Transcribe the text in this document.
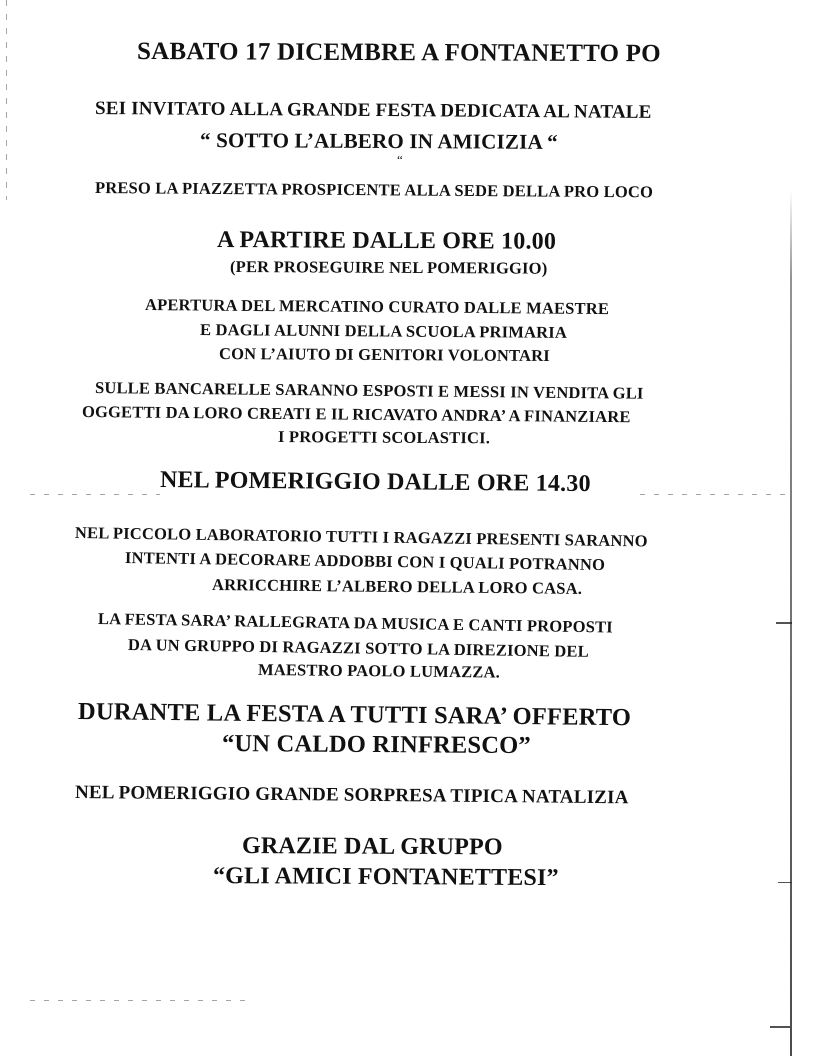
SABATO 17 DICEMBRE A FONTANETTO PO
SEI INVITATO ALLA GRANDE FESTA DEDICATA AL NATALE
“ SOTTO L’ALBERO IN AMICIZIA “
“
PRESO LA PIAZZETTA PROSPICENTE ALLA SEDE DELLA PRO LOCO
A PARTIRE DALLE ORE 10.00
(PER PROSEGUIRE NEL POMERIGGIO)
APERTURA DEL MERCATINO CURATO DALLE MAESTRE
E DAGLI ALUNNI DELLA SCUOLA PRIMARIA
CON L’AIUTO DI GENITORI VOLONTARI
SULLE BANCARELLE SARANNO ESPOSTI E MESSI IN VENDITA GLI
OGGETTI DA LORO CREATI E IL RICAVATO ANDRA’ A FINANZIARE
I PROGETTI SCOLASTICI.
NEL POMERIGGIO DALLE ORE 14.30
NEL PICCOLO LABORATORIO TUTTI I RAGAZZI PRESENTI SARANNO
INTENTI A DECORARE ADDOBBI CON I QUALI POTRANNO
ARRICCHIRE L’ALBERO DELLA LORO CASA.
LA FESTA SARA’ RALLEGRATA DA MUSICA E CANTI PROPOSTI
DA UN GRUPPO DI RAGAZZI SOTTO LA DIREZIONE DEL
MAESTRO PAOLO LUMAZZA.
DURANTE LA FESTA A TUTTI SARA’ OFFERTO
“UN CALDO RINFRESCO”
NEL POMERIGGIO GRANDE SORPRESA TIPICA NATALIZIA
GRAZIE DAL GRUPPO
“GLI AMICI FONTANETTESI”
